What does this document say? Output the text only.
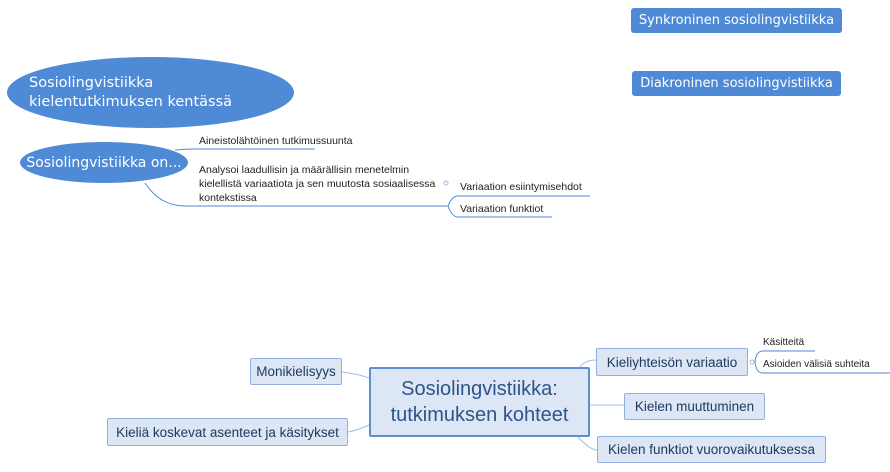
Synkroninen sosiolingvistiikka
Diakroninen sosiolingvistiikka
Sosiolingvistiikka kielentutkimuksen kentässä
Sosiolingvistiikka on...
Aineistolähtöinen tutkimussuunta
Analysoi laadullisin ja määrällisin menetelmin kielellistä variaatiota ja sen muutosta sosiaalisessa kontekstissa
Variaation esiintymisehdot
Variaation funktiot
Sosiolingvistiikka: tutkimuksen kohteet
Monikielisyys
Kieliä koskevat asenteet ja käsitykset
Kieliyhteisön variaatio
Kielen muuttuminen
Kielen funktiot vuorovaikutuksessa
Käsitteitä
Asioiden välisiä suhteita
